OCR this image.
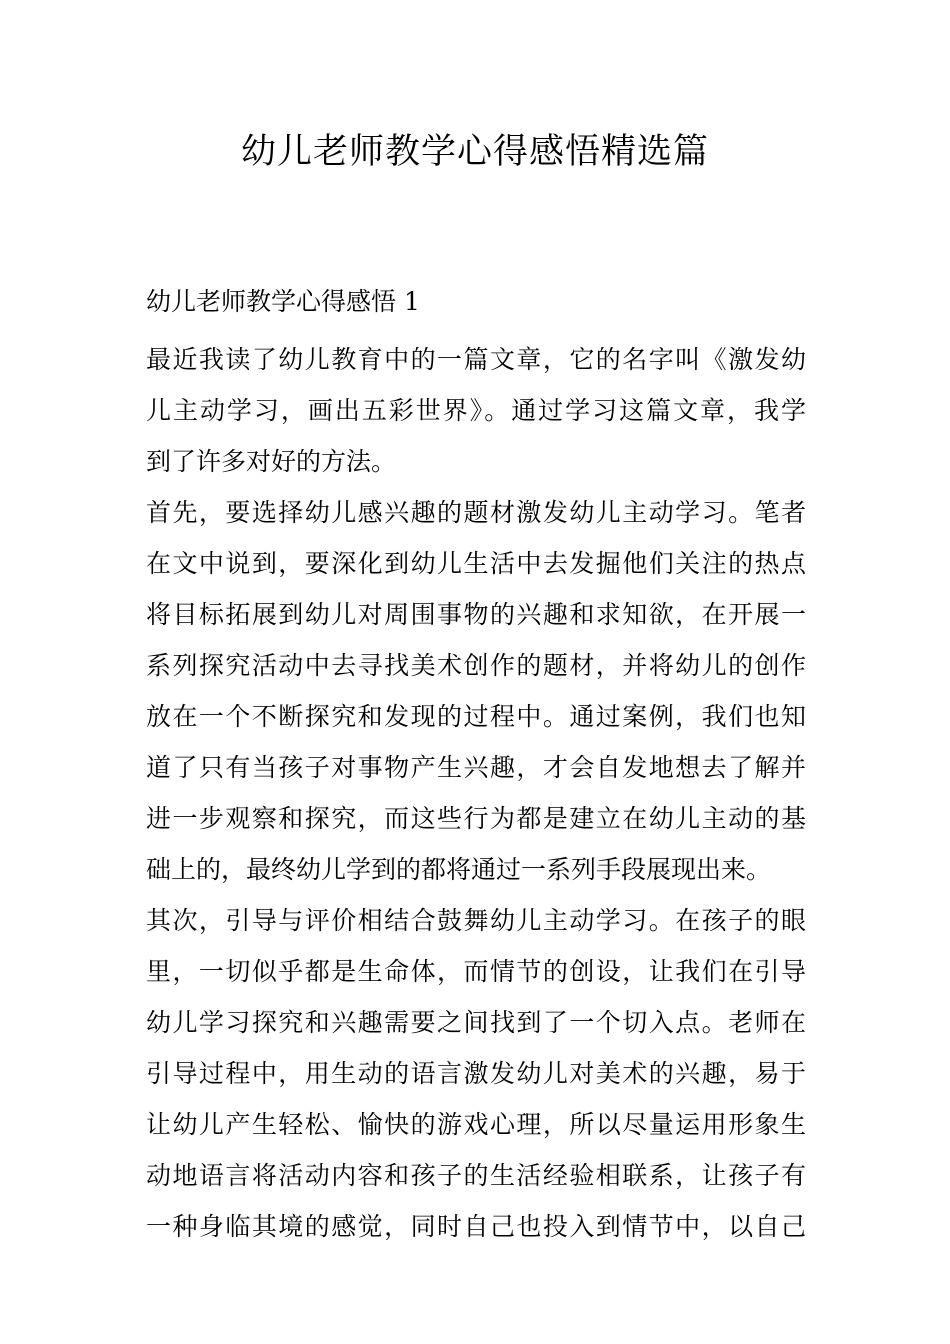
幼儿老师教学心得感悟精选篇
幼儿老师教学心得感悟 1

最近我读了幼儿教育中的一篇文章，它的名字叫《激发幼
儿主动学习，画出五彩世界》。通过学习这篇文章，我学
到了许多对好的方法。

首先，要选择幼儿感兴趣的题材激发幼儿主动学习。笔者
在文中说到，要深化到幼儿生活中去发掘他们关注的热点
将目标拓展到幼儿对周围事物的兴趣和求知欲，在开展一
系列探究活动中去寻找美术创作的题材，并将幼儿的创作
放在一个不断探究和发现的过程中。通过案例，我们也知
道了只有当孩子对事物产生兴趣，才会自发地想去了解并
进一步观察和探究，而这些行为都是建立在幼儿主动的基
础上的，最终幼儿学到的都将通过一系列手段展现出来。

其次，引导与评价相结合鼓舞幼儿主动学习。在孩子的眼
里，一切似乎都是生命体，而情节的创设，让我们在引导
幼儿学习探究和兴趣需要之间找到了一个切入点。老师在
引导过程中，用生动的语言激发幼儿对美术的兴趣，易于
让幼儿产生轻松、愉快的游戏心理，所以尽量运用形象生
动地语言将活动内容和孩子的生活经验相联系，让孩子有
一种身临其境的感觉，同时自己也投入到情节中，以自己
